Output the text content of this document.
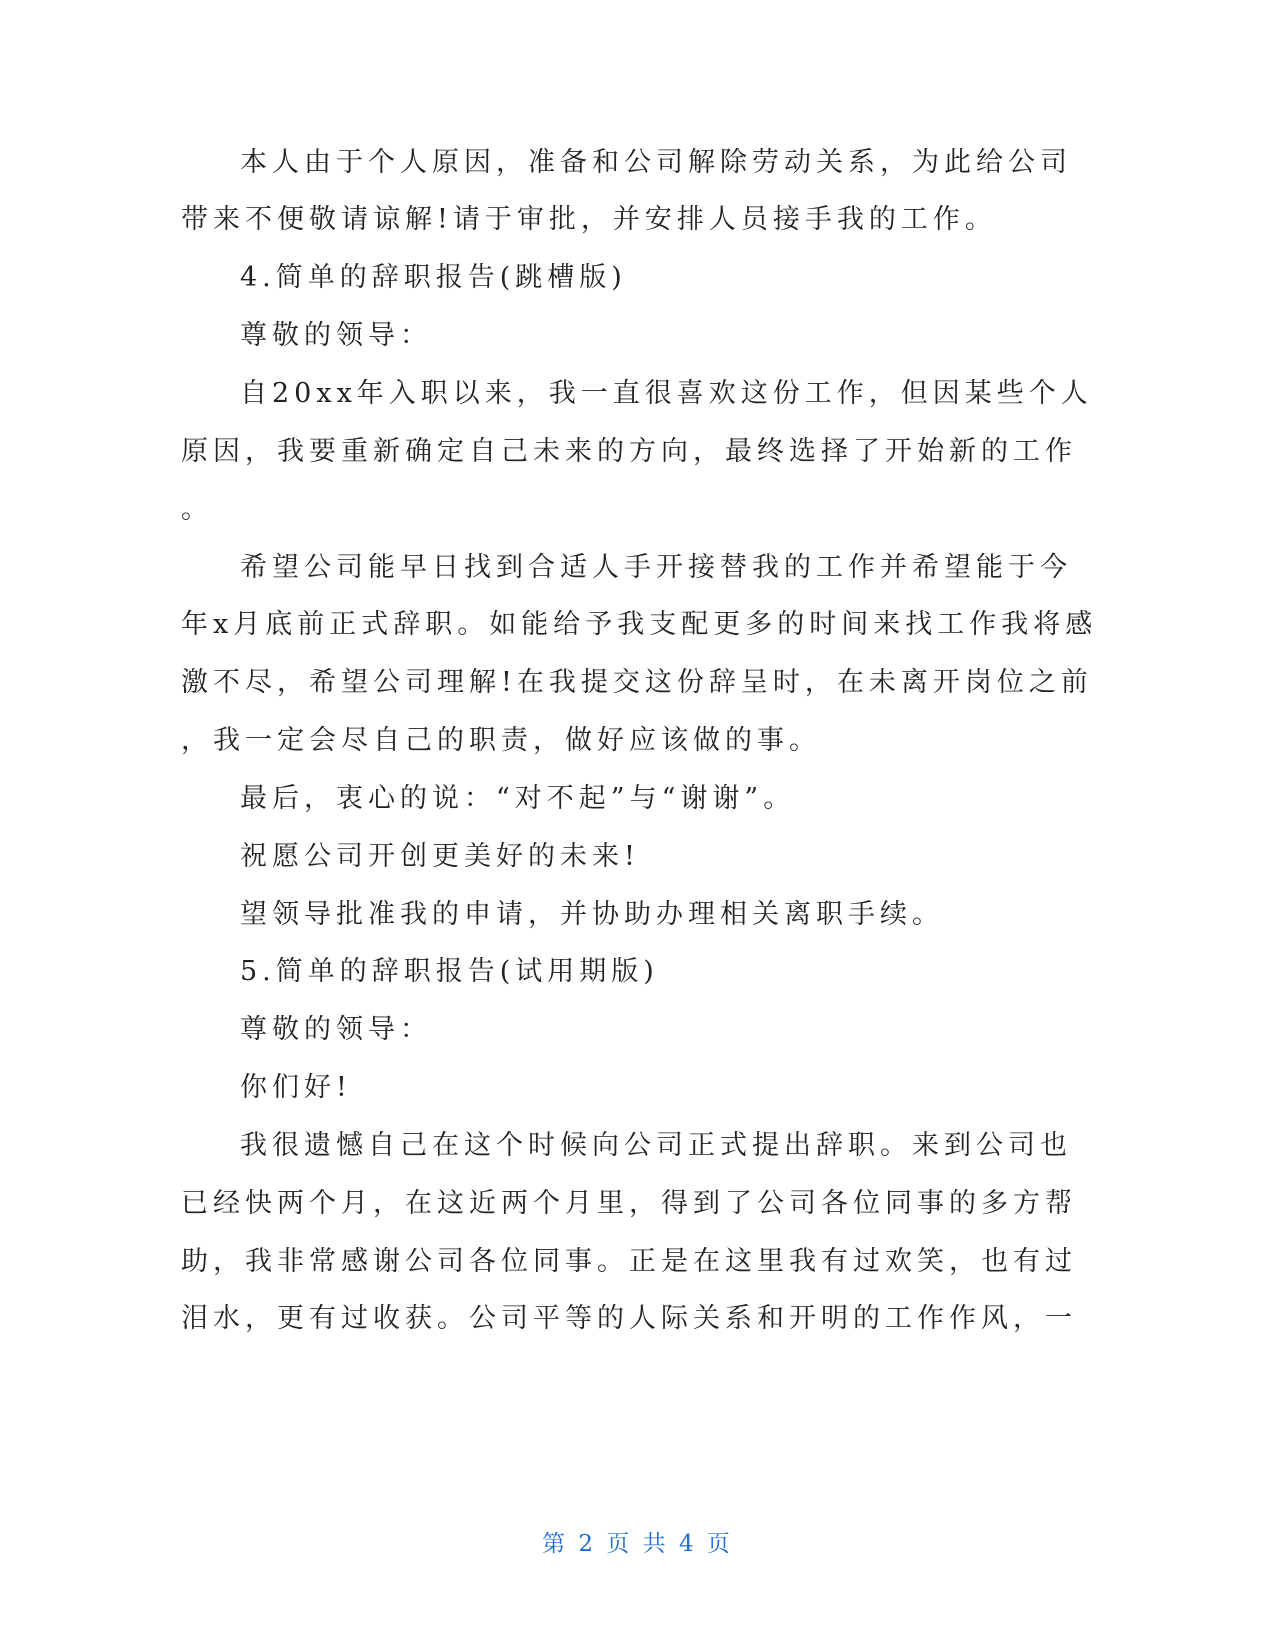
本人由于个人原因，准备和公司解除劳动关系，为此给公司
带来不便敬请谅解!请于审批，并安排人员接手我的工作。
4.简单的辞职报告(跳槽版)
尊敬的领导：
自20xx年入职以来，我一直很喜欢这份工作，但因某些个人
原因，我要重新确定自己未来的方向，最终选择了开始新的工作
。
希望公司能早日找到合适人手开接替我的工作并希望能于今
年x月底前正式辞职。如能给予我支配更多的时间来找工作我将感
激不尽，希望公司理解!在我提交这份辞呈时，在未离开岗位之前
，我一定会尽自己的职责，做好应该做的事。
最后，衷心的说：“对不起”与“谢谢”。
祝愿公司开创更美好的未来!
望领导批准我的申请，并协助办理相关离职手续。
5.简单的辞职报告(试用期版)
尊敬的领导：
你们好!
我很遗憾自己在这个时候向公司正式提出辞职。来到公司也
已经快两个月，在这近两个月里，得到了公司各位同事的多方帮
助，我非常感谢公司各位同事。正是在这里我有过欢笑，也有过
泪水，更有过收获。公司平等的人际关系和开明的工作作风，一
第 2 页 共 4 页
